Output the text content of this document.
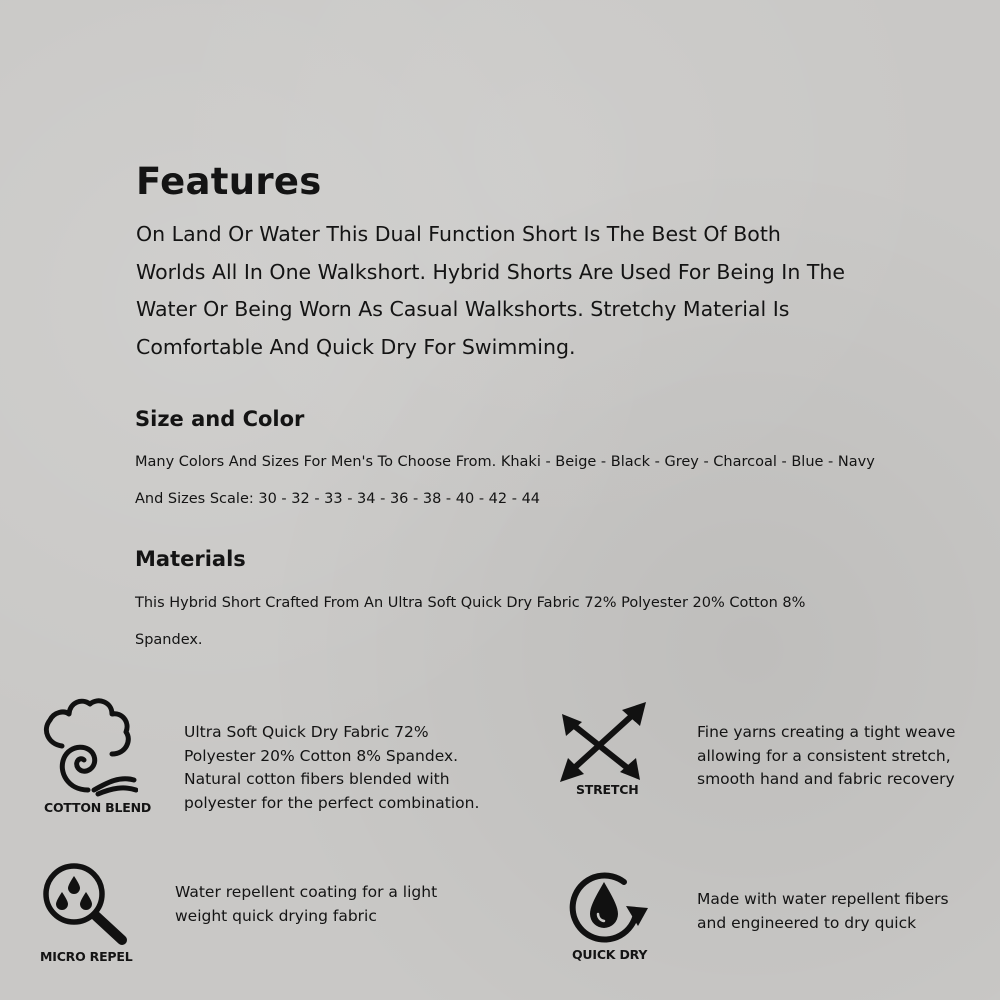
Features

On Land Or Water This Dual Function Short Is The Best Of Both Worlds All In One Walkshort. Hybrid Shorts Are Used For Being In The Water Or Being Worn As Casual Walkshorts. Stretchy Material Is Comfortable And Quick Dry For Swimming.

Size and Color

Many Colors And Sizes For Men's To Choose From. Khaki - Beige - Black - Grey - Charcoal - Blue - Navy And Sizes Scale: 30 - 32 - 33 - 34 - 36 - 38 - 40 - 42 - 44

Materials

This Hybrid Short Crafted From An Ultra Soft Quick Dry Fabric 72% Polyester 20% Cotton 8% Spandex.

COTTON BLEND

Ultra Soft Quick Dry Fabric 72% Polyester 20% Cotton 8% Spandex. Natural cotton fibers blended with polyester for the perfect combination.

STRETCH

Fine yarns creating a tight weave allowing for a consistent stretch, smooth hand and fabric recovery

MICRO REPEL

Water repellent coating for a light weight quick drying fabric

QUICK DRY

Made with water repellent fibers and engineered to dry quick
